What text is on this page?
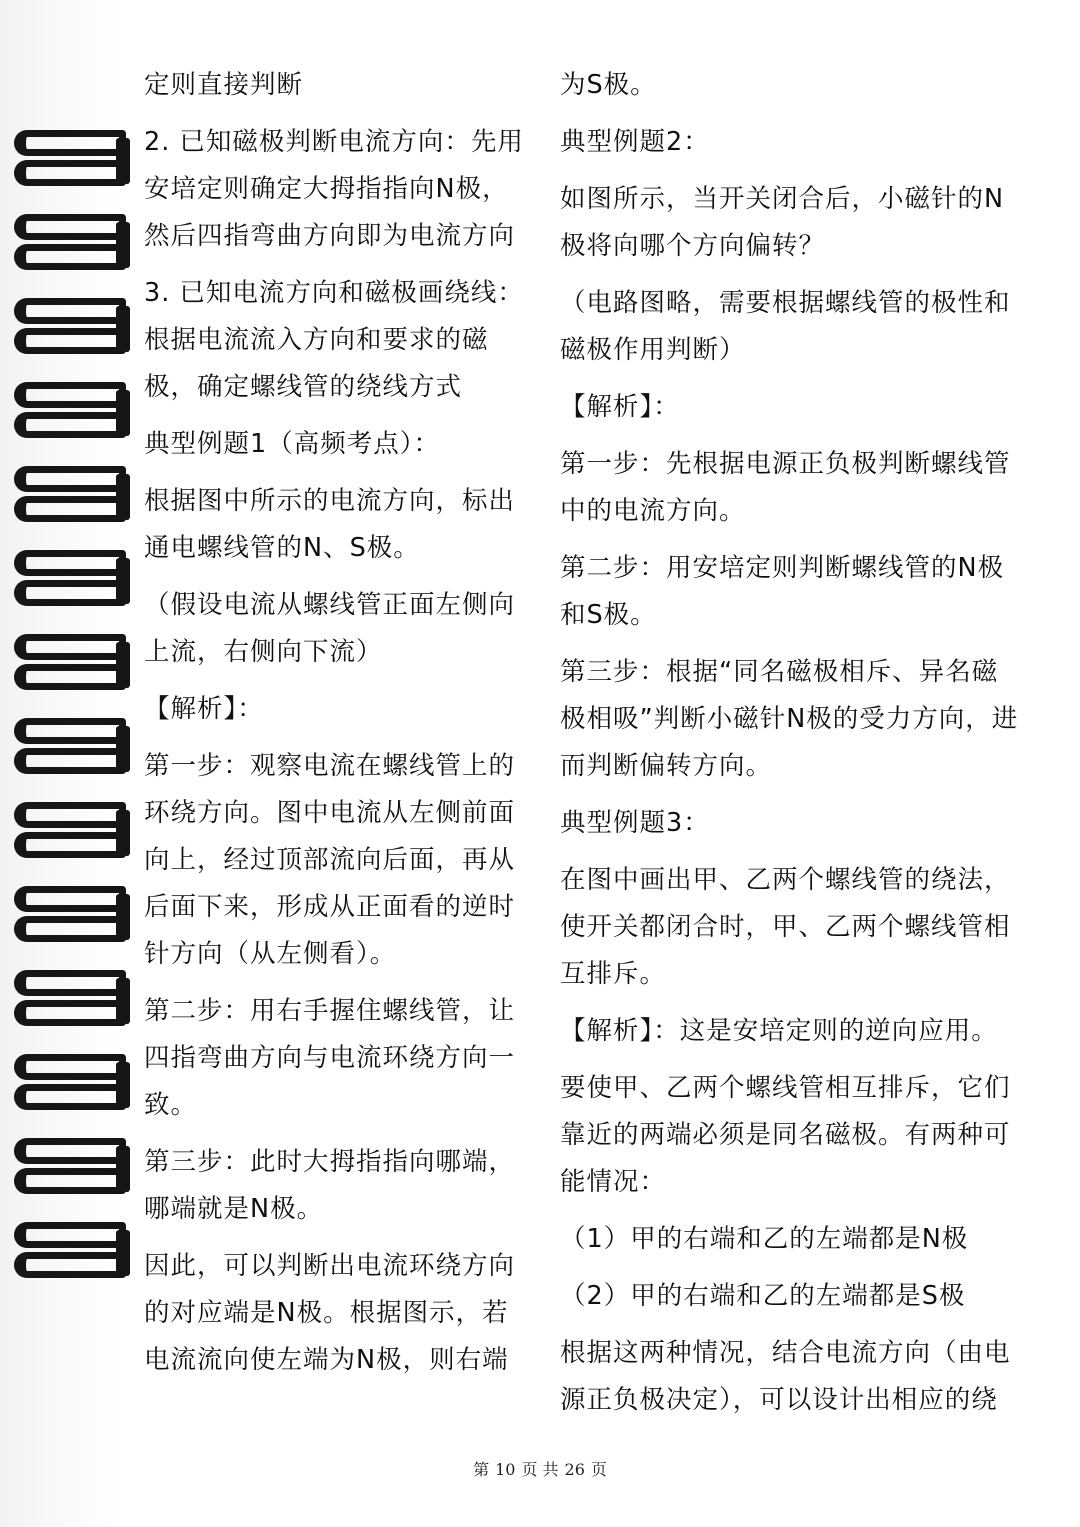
定则直接判断

2. 已知磁极判断电流方向：先用安培定则确定大拇指指向N极，然后四指弯曲方向即为电流方向

3. 已知电流方向和磁极画绕线：根据电流流入方向和要求的磁极，确定螺线管的绕线方式

典型例题1（高频考点）：

根据图中所示的电流方向，标出通电螺线管的N、S极。

（假设电流从螺线管正面左侧向上流，右侧向下流）

【解析】：

第一步：观察电流在螺线管上的环绕方向。图中电流从左侧前面向上，经过顶部流向后面，再从后面下来，形成从正面看的逆时针方向（从左侧看）。

第二步：用右手握住螺线管，让四指弯曲方向与电流环绕方向一致。

第三步：此时大拇指指向哪端，哪端就是N极。

因此，可以判断出电流环绕方向的对应端是N极。根据图示，若电流流向使左端为N极，则右端

为S极。

典型例题2：

如图所示，当开关闭合后，小磁针的N极将向哪个方向偏转？

（电路图略，需要根据螺线管的极性和磁极作用判断）

【解析】：

第一步：先根据电源正负极判断螺线管中的电流方向。

第二步：用安培定则判断螺线管的N极和S极。

第三步：根据“同名磁极相斥、异名磁极相吸”判断小磁针N极的受力方向，进而判断偏转方向。

典型例题3：

在图中画出甲、乙两个螺线管的绕法，使开关都闭合时，甲、乙两个螺线管相互排斥。

【解析】：这是安培定则的逆向应用。

要使甲、乙两个螺线管相互排斥，它们靠近的两端必须是同名磁极。有两种可能情况：

（1）甲的右端和乙的左端都是N极

（2）甲的右端和乙的左端都是S极

根据这两种情况，结合电流方向（由电源正负极决定），可以设计出相应的绕

第 10 页 共 26 页
